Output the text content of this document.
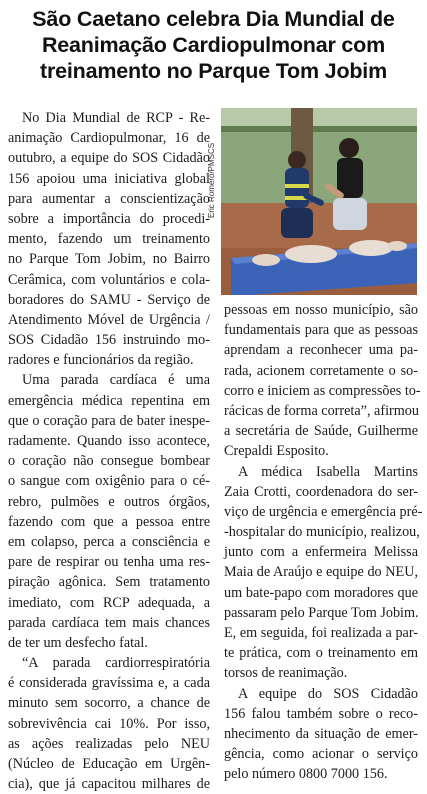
São Caetano celebra Dia Mundial de
Reanimação Cardiopulmonar com
treinamento no Parque Tom Jobim
Eric Romero/PMSCS
No Dia Mundial de RCP - Re-
animação Cardiopulmonar, 16 de
outubro, a equipe do SOS Cidadão
156 apoiou uma iniciativa global
para aumentar a conscientização
sobre a importância do procedi-
mento, fazendo um treinamento
no Parque Tom Jobim, no Bairro
Cerâmica, com voluntários e cola-
boradores do SAMU - Serviço de
Atendimento Móvel de Urgência /
SOS Cidadão 156 instruindo mo-
radores e funcionários da região.
Uma parada cardíaca é uma
emergência médica repentina em
que o coração para de bater inespe-
radamente. Quando isso acontece,
o coração não consegue bombear
o sangue com oxigênio para o cé-
rebro, pulmões e outros órgãos,
fazendo com que a pessoa entre
em colapso, perca a consciência e
pare de respirar ou tenha uma res-
piração agônica. Sem tratamento
imediato, com RCP adequada, a
parada cardíaca tem mais chances
de ter um desfecho fatal.
“A parada cardiorrespiratória
é considerada gravíssima e, a cada
minuto sem socorro, a chance de
sobrevivência cai 10%. Por isso,
as ações realizadas pelo NEU
(Núcleo de Educação em Urgên-
cia), que já capacitou milhares de
pessoas em nosso município, são
fundamentais para que as pessoas
aprendam a reconhecer uma pa-
rada, acionem corretamente o so-
corro e iniciem as compressões to-
rácicas de forma correta”, afirmou
a secretária de Saúde, Guilherme
Crepaldi Esposito.
A médica Isabella Martins
Zaia Crotti, coordenadora do ser-
viço de urgência e emergência pré-
-hospitalar do município, realizou,
junto com a enfermeira Melissa
Maia de Araújo e equipe do NEU,
um bate-papo com moradores que
passaram pelo Parque Tom Jobim.
E, em seguida, foi realizada a par-
te prática, com o treinamento em
torsos de reanimação.
A equipe do SOS Cidadão
156 falou também sobre o reco-
nhecimento da situação de emer-
gência, como acionar o serviço
pelo número 0800 7000 156.
